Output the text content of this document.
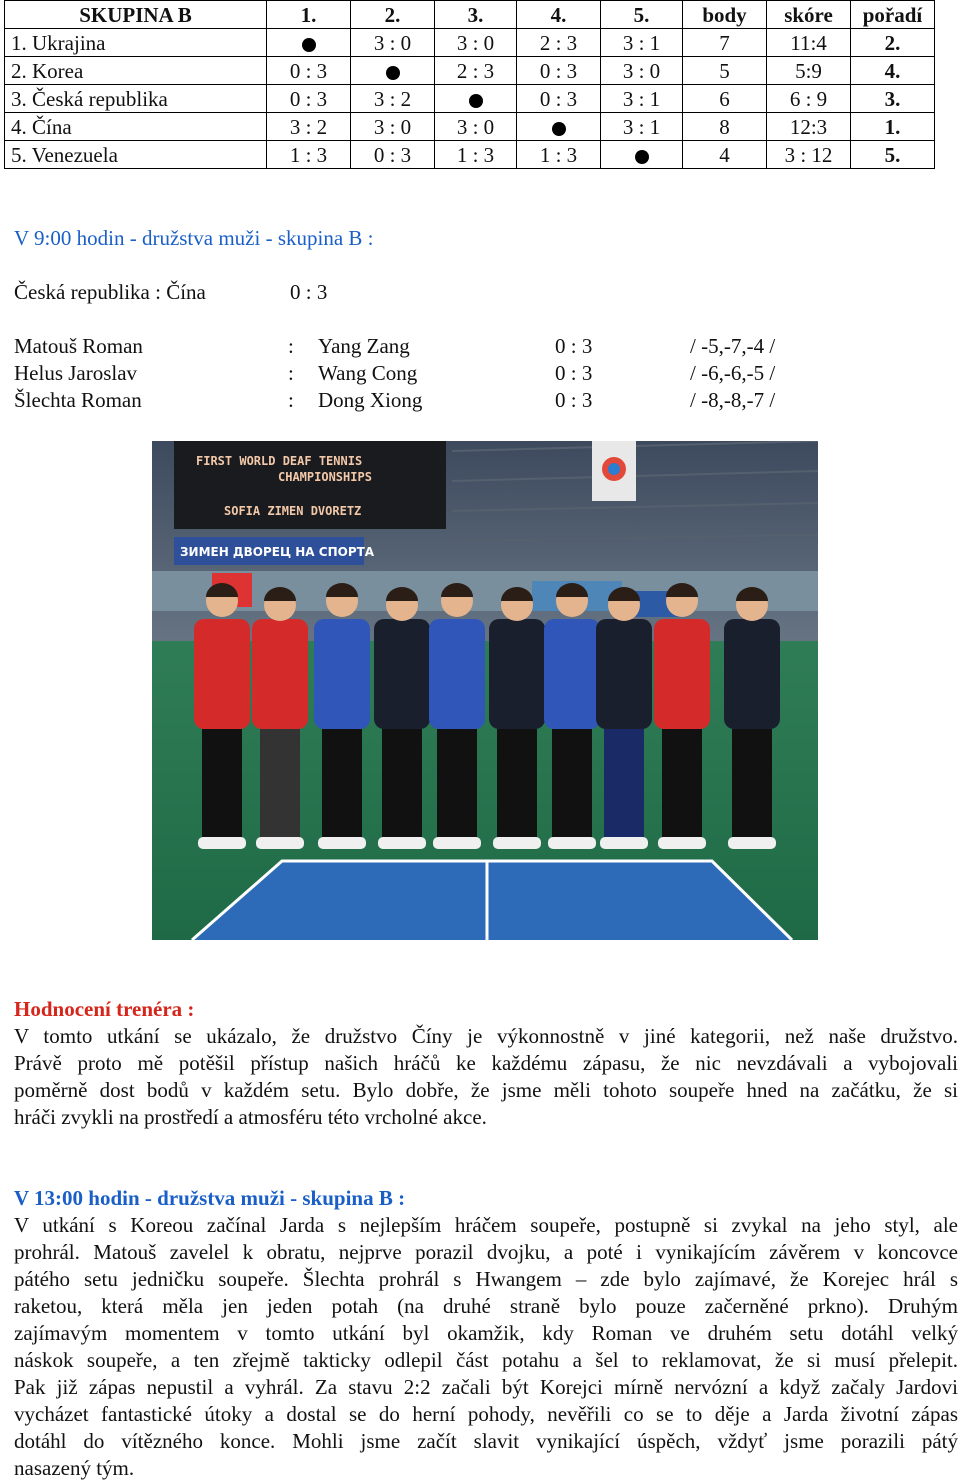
SKUPINA B	1.	2.	3.	4.	5.	body	skóre	pořadí
1. Ukrajina		3 : 0	3 : 0	2 : 3	3 : 1	7	11:4	2.
2. Korea	0 : 3		2 : 3	0 : 3	3 : 0	5	5:9	4.
3. Česká republika	0 : 3	3 : 2		0 : 3	3 : 1	6	6 : 9	3.
4. Čína	3 : 2	3 : 0	3 : 0		3 : 1	8	12:3	1.
5. Venezuela	1 : 3	0 : 3	1 : 3	1 : 3		4	3 : 12	5.
V 9:00 hodin - družstva muži - skupina B :
Česká republika : Čína	0 : 3
Matouš Roman	: Yang Zang	0 : 3	/ -5,-7,-4 /
Helus Jaroslav	: Wang Cong	0 : 3	/ -6,-6,-5 /
Šlechta Roman	: Dong Xiong	0 : 3	/ -8,-8,-7 /
FIRST WORLD DEAF TENNIS
CHAMPIONSHIPS
SOFIA ZIMEN DVORETZ
ЗИМЕН ДВОРЕЦ НА СПОРТА
Hodnocení trenéra :
V tomto utkání se ukázalo, že družstvo Číny je výkonnostně v jiné kategorii, než naše družstvo.
Právě proto mě potěšil přístup našich hráčů ke každému zápasu, že nic nevzdávali a vybojovali
poměrně dost bodů v každém setu. Bylo dobře, že jsme měli tohoto soupeře hned na začátku, že si
hráči zvykli na prostředí a atmosféru této vrcholné akce.
V 13:00 hodin - družstva muži - skupina B :
V utkání s Koreou začínal Jarda s nejlepším hráčem soupeře, postupně si zvykal na jeho styl, ale
prohrál. Matouš zavelel k obratu, nejprve porazil dvojku, a poté i vynikajícím závěrem v koncovce
pátého setu jedničku soupeře. Šlechta prohrál s Hwangem – zde bylo zajímavé, že Korejec hrál s
raketou, která měla jen jeden potah (na druhé straně bylo pouze začerněné prkno). Druhým
zajímavým momentem v tomto utkání byl okamžik, kdy Roman ve druhém setu dotáhl velký
náskok soupeře, a ten zřejmě takticky odlepil část potahu a šel to reklamovat, že si musí přelepit.
Pak již zápas nepustil a vyhrál. Za stavu 2:2 začali být Korejci mírně nervózní a když začaly Jardovi
vycházet fantastické útoky a dostal se do herní pohody, nevěřili co se to děje a Jarda životní zápas
dotáhl do vítězného konce. Mohli jsme začít slavit vynikající úspěch, vždyť jsme porazili pátý
nasazený tým.
